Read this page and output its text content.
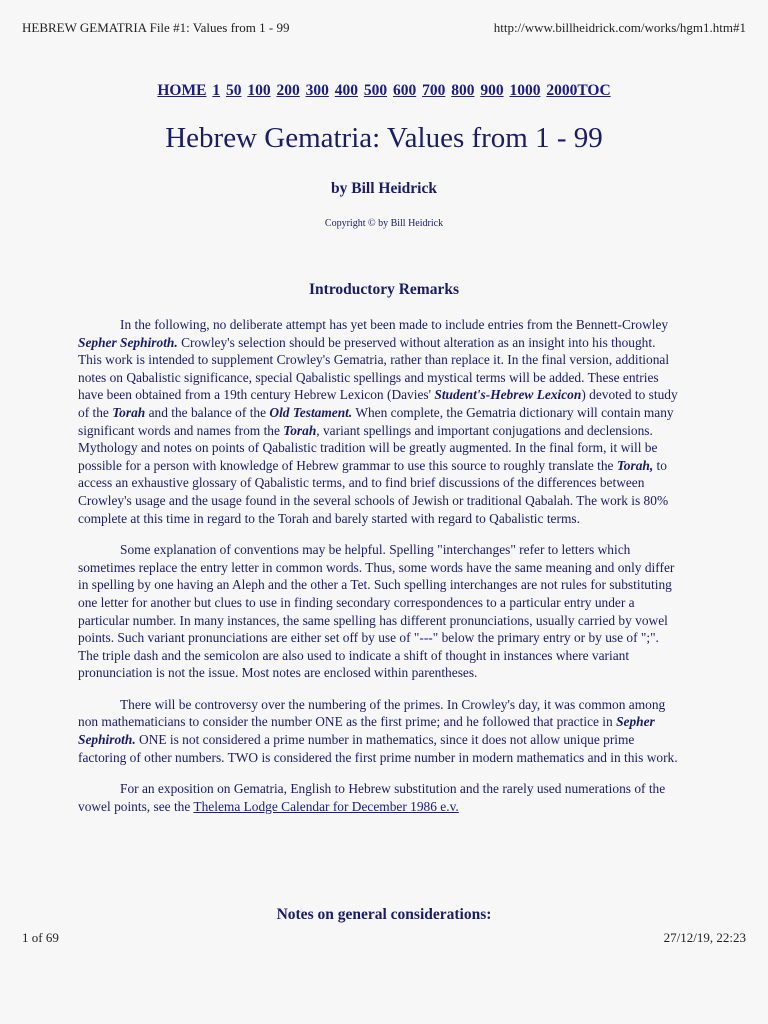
HEBREW GEMATRIA File #1: Values from 1 - 99	http://www.billheidrick.com/works/hgm1.htm#1
HOME 1 50 100 200 300 400 500 600 700 800 900 1000 2000TOC
Hebrew Gematria: Values from 1 - 99
by Bill Heidrick
Copyright © by Bill Heidrick
Introductory Remarks

In the following, no deliberate attempt has yet been made to include entries from the Bennett-Crowley Sepher Sephiroth. Crowley's selection should be preserved without alteration as an insight into his thought. This work is intended to supplement Crowley's Gematria, rather than replace it. In the final version, additional notes on Qabalistic significance, special Qabalistic spellings and mystical terms will be added. These entries have been obtained from a 19th century Hebrew Lexicon (Davies' Student's-Hebrew Lexicon) devoted to study of the Torah and the balance of the Old Testament. When complete, the Gematria dictionary will contain many significant words and names from the Torah, variant spellings and important conjugations and declensions. Mythology and notes on points of Qabalistic tradition will be greatly augmented. In the final form, it will be possible for a person with knowledge of Hebrew grammar to use this source to roughly translate the Torah, to access an exhaustive glossary of Qabalistic terms, and to find brief discussions of the differences between Crowley's usage and the usage found in the several schools of Jewish or traditional Qabalah. The work is 80% complete at this time in regard to the Torah and barely started with regard to Qabalistic terms.

Some explanation of conventions may be helpful. Spelling "interchanges" refer to letters which sometimes replace the entry letter in common words. Thus, some words have the same meaning and only differ in spelling by one having an Aleph and the other a Tet. Such spelling interchanges are not rules for substituting one letter for another but clues to use in finding secondary correspondences to a particular entry under a particular number. In many instances, the same spelling has different pronunciations, usually carried by vowel points. Such variant pronunciations are either set off by use of "---" below the primary entry or by use of ";". The triple dash and the semicolon are also used to indicate a shift of thought in instances where variant pronunciation is not the issue. Most notes are enclosed within parentheses.

There will be controversy over the numbering of the primes. In Crowley's day, it was common among non mathematicians to consider the number ONE as the first prime; and he followed that practice in Sepher Sephiroth. ONE is not considered a prime number in mathematics, since it does not allow unique prime factoring of other numbers. TWO is considered the first prime number in modern mathematics and in this work.

For an exposition on Gematria, English to Hebrew substitution and the rarely used numerations of the vowel points, see the Thelema Lodge Calendar for December 1986 e.v.

Notes on general considerations:
1 of 69	27/12/19, 22:23
